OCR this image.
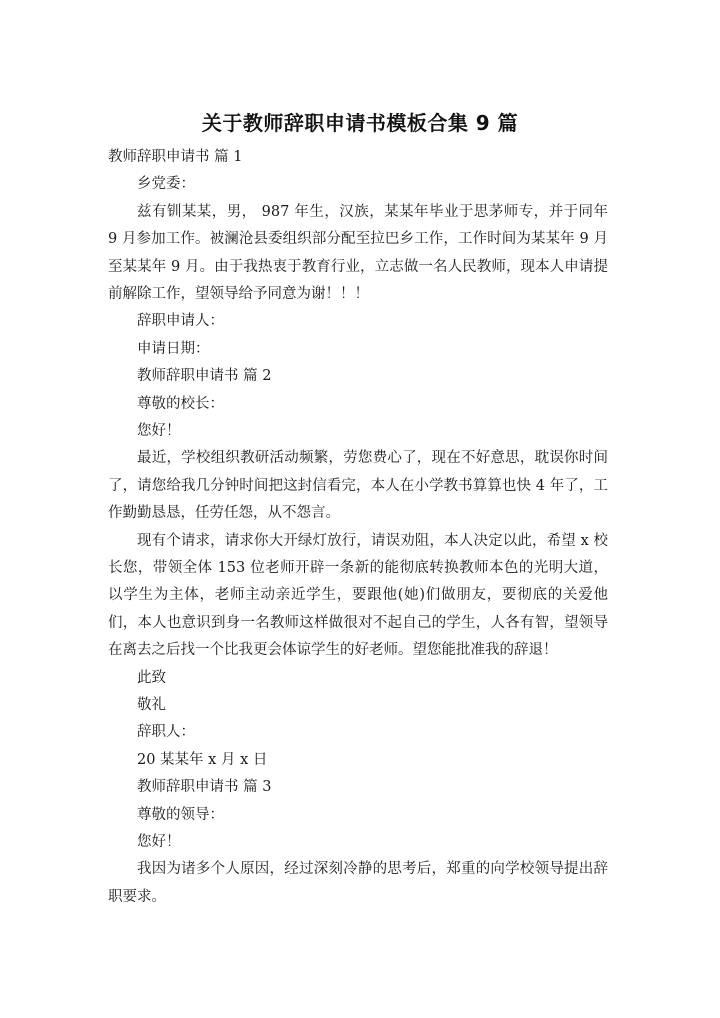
关于教师辞职申请书模板合集 9 篇
教师辞职申请书 篇 1
乡党委：

兹有钏某某，男， 987 年生，汉族，某某年毕业于思茅师专，并于同年 9 月参加工作。被澜沧县委组织部分配至拉巴乡工作，工作时间为某某年 9 月至某某年 9 月。由于我热衷于教育行业，立志做一名人民教师，现本人申请提前解除工作，望领导给予同意为谢！！！

辞职申请人：
申请日期：
教师辞职申请书 篇 2
尊敬的校长：
您好！

最近，学校组织教研活动频繁，劳您费心了，现在不好意思，耽误你时间了，请您给我几分钟时间把这封信看完，本人在小学教书算算也快 4 年了，工作勤勤恳恳，任劳任怨，从不怨言。

现有个请求，请求你大开绿灯放行，请误劝阻，本人决定以此，希望 x 校长您，带领全体 153 位老师开辟一条新的能彻底转换教师本色的光明大道，以学生为主体，老师主动亲近学生，要跟他(她)们做朋友，要彻底的关爱他们，本人也意识到身一名教师这样做很对不起自己的学生，人各有智，望领导在离去之后找一个比我更会体谅学生的好老师。望您能批准我的辞退！

此致
敬礼
辞职人：
20 某某年 x 月 x 日
教师辞职申请书 篇 3
尊敬的领导：
您好！

我因为诸多个人原因，经过深刻冷静的思考后，郑重的向学校领导提出辞职要求。
